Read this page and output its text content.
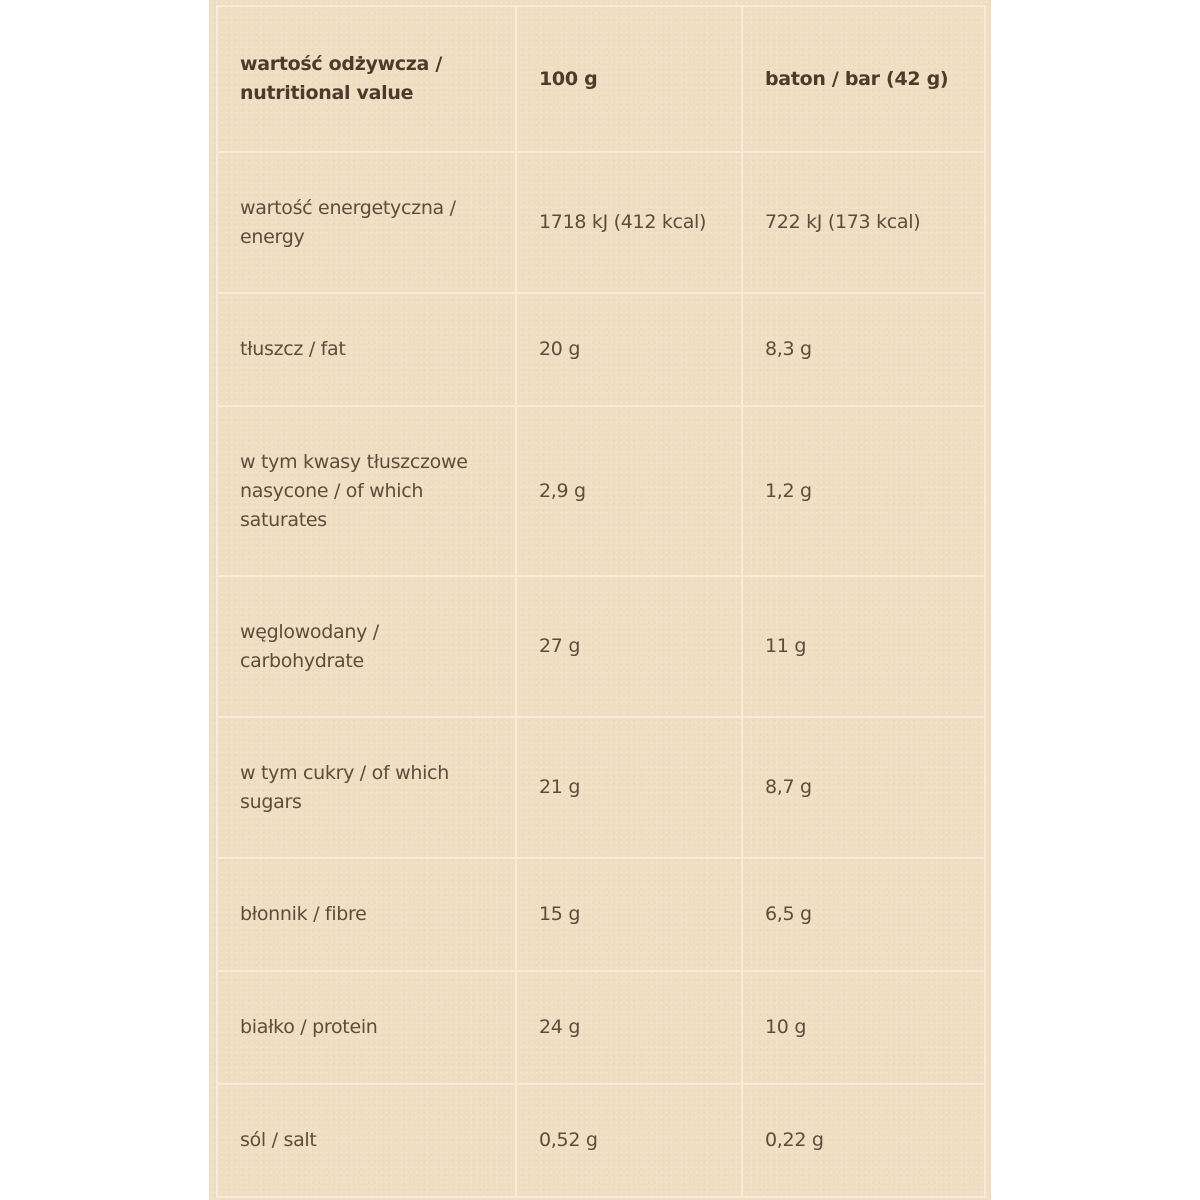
wartość odżywcza / nutritional value	100 g	baton / bar (42 g)
wartość energetyczna / energy	1718 kJ (412 kcal)	722 kJ (173 kcal)
tłuszcz / fat	20 g	8,3 g
w tym kwasy tłuszczowe nasycone / of which saturates	2,9 g	1,2 g
węglowodany / carbohydrate	27 g	11 g
w tym cukry / of which sugars	21 g	8,7 g
błonnik / fibre	15 g	6,5 g
białko / protein	24 g	10 g
sól / salt	0,52 g	0,22 g
